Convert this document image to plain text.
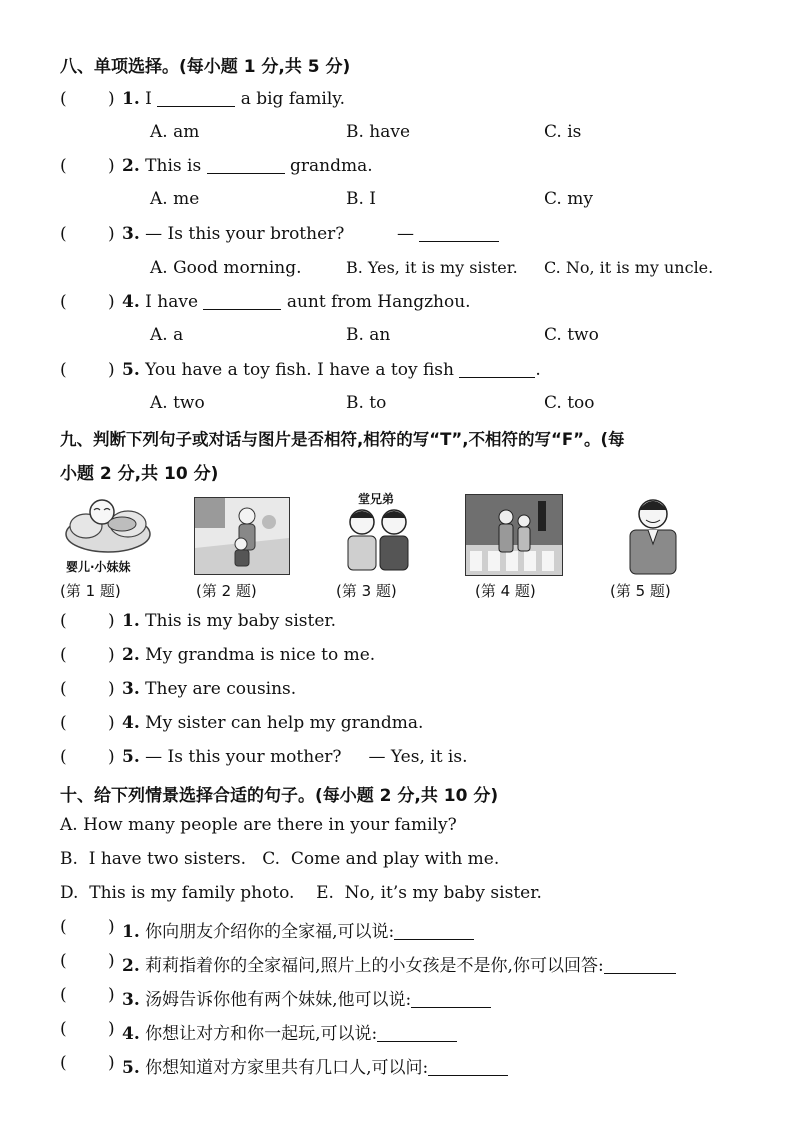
八、单项选择。(每小题 1 分,共 5 分)
( ) 1. I	a big family.
A. am	B. have	C. is
( ) 2. This is	grandma.
A. me	B. I	C. my
( ) 3. — Is this your brother?	—
A. Good morning.	B. Yes, it is my sister. C. No, it is my uncle.
( ) 4. I have	aunt from Hangzhou.
A. a	B. an	C. two
( ) 5. You have a toy fish. I have a toy fish	.
A. two	B. to	C. too
九、判断下列句子或对话与图片是否相符,相符的写“T”,不相符的写“F”。(每
小题 2 分,共 10 分)
婴儿·小妹妹
堂兄弟
(第 1 题)	(第 2 题)	(第 3 题)	(第 4 题)	(第 5 题)
( ) 1. This is my baby sister.
( ) 2. My grandma is nice to me.
( ) 3. They are cousins.
( ) 4. My sister can help my grandma.
( ) 5. — Is this your mother?     — Yes, it is.
十、给下列情景选择合适的句子。(每小题 2 分,共 10 分)
A. How many people are there in your family?
B.  I have two sisters.   C.  Come and play with me.
D.  This is my family photo.    E.  No, it’s my baby sister.
( ) 1. 你向朋友介绍你的全家福,可以说:
( ) 2. 莉莉指着你的全家福问,照片上的小女孩是不是你,你可以回答:
( ) 3. 汤姆告诉你他有两个妹妹,他可以说:
( ) 4. 你想让对方和你一起玩,可以说:
( ) 5. 你想知道对方家里共有几口人,可以问:
